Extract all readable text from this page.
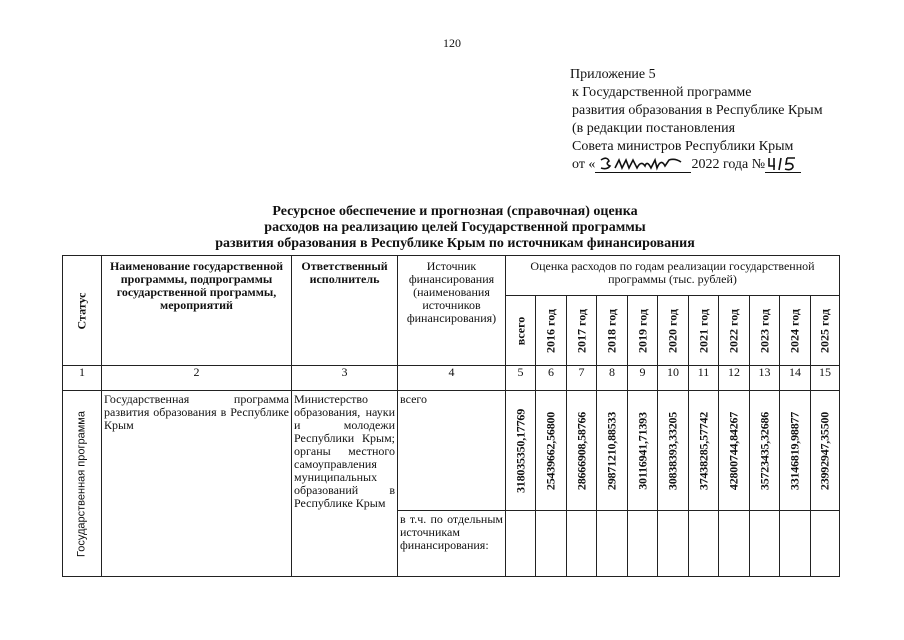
120
Приложение 5
к Государственной программе
развития образования в Республике Крым
(в редакции постановления
Совета министров Республики Крым
от «	2022 года №
Ресурсное обеспечение и прогнозная (справочная) оценка
расходов на реализацию целей Государственной программы
развития образования в Республике Крым по источникам финансирования
Статус	Наименование государственной программы, подпрограммы государственной программы, мероприятий	Ответственный исполнитель	Источник финансирования (наименования источников финансирования)	Оценка расходов по годам реализации государственной программы (тыс. рублей)										

				всего	2016 год	2017 год	2018 год	2019 год	2020 год	2021 год	2022 год	2023 год	2024 год	2025 год

1	2	3	4	5	6	7	8	9	10	11	12	13	14	15

Государственная программа	Государственная программа развития образования в Республике Крым	Министерство образования, науки и молодежи Республики Крым; органы местного самоуправления муниципальных образований в Республике Крым	всего	318035350,17769	25439662,56800	28666908,58766	29871210,88533	30116941,71393	30838393,33205	37438285,57742	42800744,84267	35723435,32686	33146819,98877	23992947,35500

			в т.ч. по отдельным источникам финансирования:											
